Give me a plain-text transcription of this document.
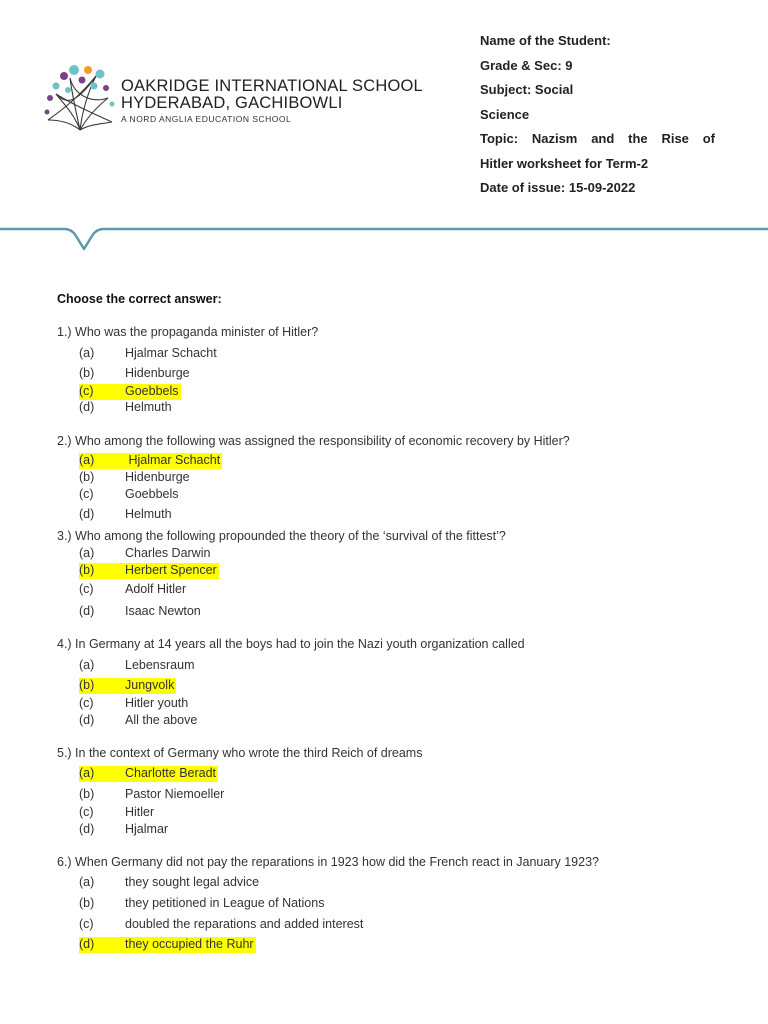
OAKRIDGE INTERNATIONAL SCHOOL
HYDERABAD, GACHIBOWLI
A NORD ANGLIA EDUCATION SCHOOL
Name of the Student:
Grade & Sec: 9
Subject: Social
Science
Topic: Nazism and the Rise of
Hitler worksheet for Term-2
Date of issue: 15-09-2022
Choose the correct answer:
1.) Who was the propaganda minister of Hitler?
(a) Hjalmar Schacht
(b) Hidenburge
(c)	Goebbels
(d) Helmuth
2.) Who among the following was assigned the responsibility of economic recovery by Hitler?
(a) Hjalmar Schacht
(b) Hidenburge
(c)	Goebbels
(d) Helmuth
3.) Who among the following propounded the theory of the ‘survival of the fittest’?
(a) Charles Darwin
(b) Herbert Spencer
(c)	Adolf Hitler
(d) Isaac Newton
4.) In Germany at 14 years all the boys had to join the Nazi youth organization called
(a) Lebensraum
(b) Jungvolk
(c)	Hitler youth
(d) All the above
5.) In the context of Germany who wrote the third Reich of dreams
(a) Charlotte Beradt
(b) Pastor Niemoeller
(c)	Hitler
(d) Hjalmar
6.) When Germany did not pay the reparations in 1923 how did the French react in January 1923?
(a) they sought legal advice
(b) they petitioned in League of Nations
(c)	doubled the reparations and added interest
(d) they occupied the Ruhr
